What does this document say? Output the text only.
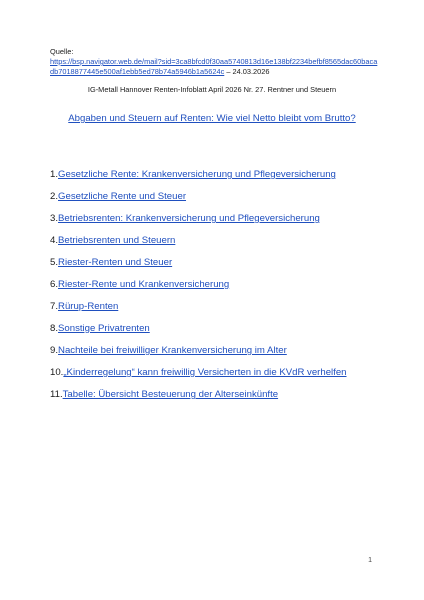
Quelle:
https://bsp.navigator.web.de/mail?sid=3ca8bfcd0f30aa5740813d16e138bf2234befbf8565dac60bacadb7018877445e500af1ebb5ed78b74a5946b1a5624c – 24.03.2026
IG-Metall Hannover Renten-Infoblatt April 2026 Nr. 27. Rentner und Steuern
Abgaben und Steuern auf Renten: Wie viel Netto bleibt vom Brutto?
1.Gesetzliche Rente: Krankenversicherung und Pflegeversicherung
2.Gesetzliche Rente und Steuer
3.Betriebsrenten: Krankenversicherung und Pflegeversicherung
4.Betriebsrenten und Steuern
5.Riester-Renten und Steuer
6.Riester-Rente und Krankenversicherung
7.Rürup-Renten
8.Sonstige Privatrenten
9.Nachteile bei freiwilliger Krankenversicherung im Alter
10.„Kinderregelung“ kann freiwillig Versicherten in die KVdR verhelfen
11.Tabelle: Übersicht Besteuerung der Alterseinkünfte
1
